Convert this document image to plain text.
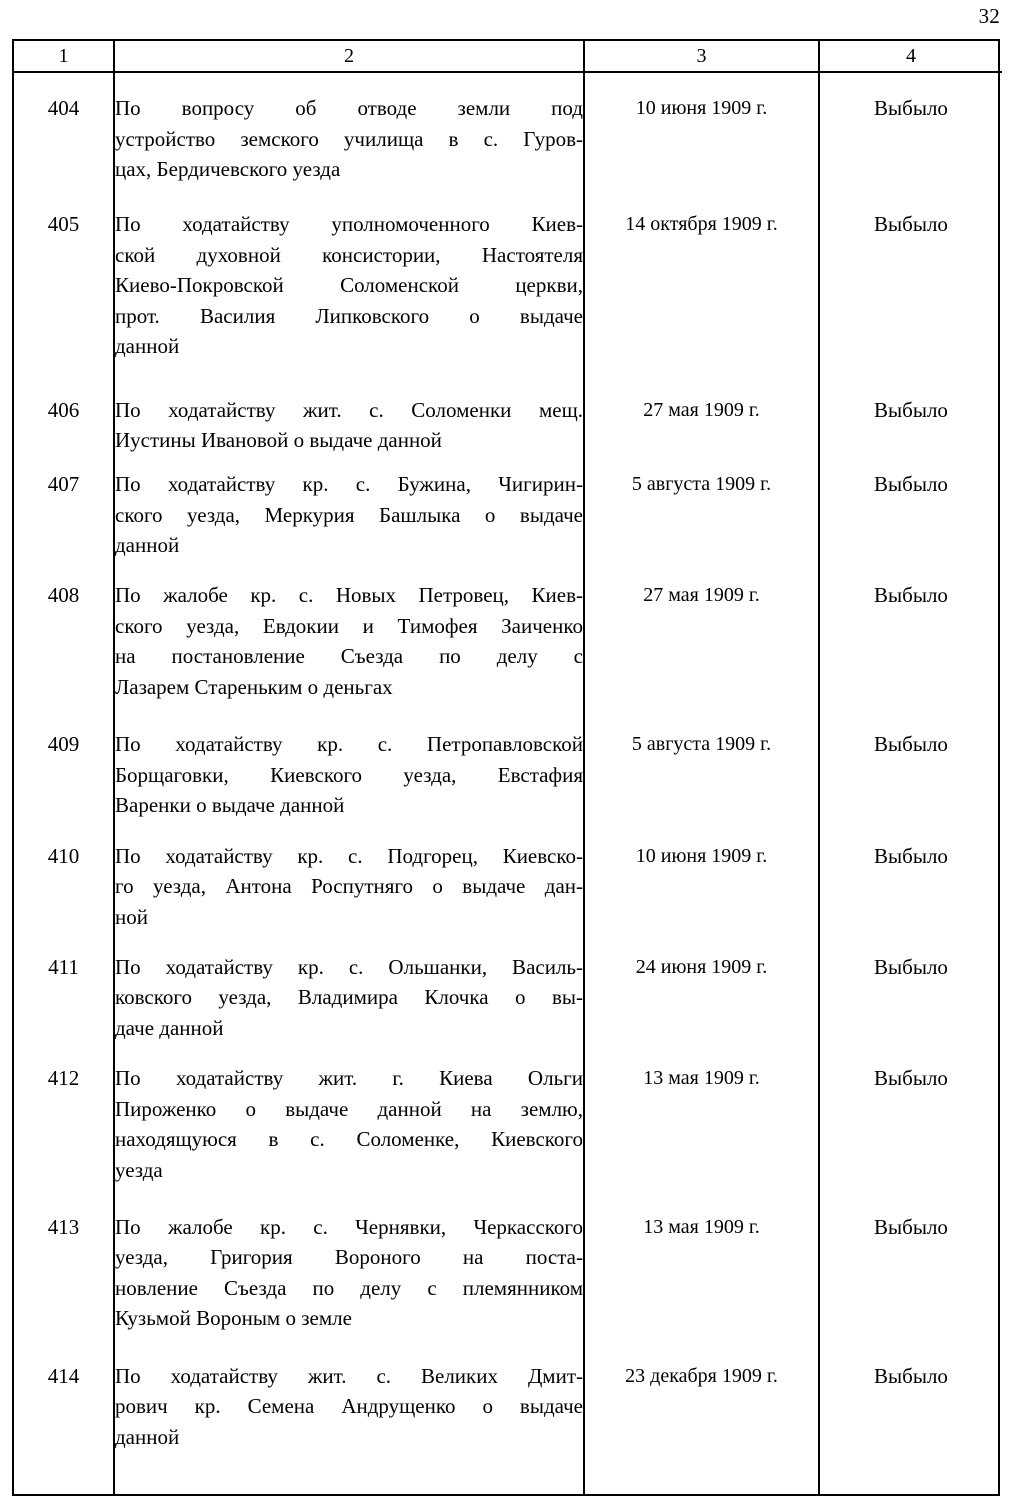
32
1	2	3	4
404	По вопросу об отводе земли под
устройство земского училища в с. Гуров-
цах, Бердичевского уезда	10 июня 1909 г.	Выбыло
405	По ходатайству уполномоченного Киев-
ской духовной консистории, Настоятеля
Киево-Покровской Соломенской церкви,
прот. Василия Липковского о выдаче
данной	14 октября 1909 г.	Выбыло
406	По ходатайству жит. с. Соломенки мещ.
Иустины Ивановой о выдаче данной	27 мая 1909 г.	Выбыло
407	По ходатайству кр. с. Бужина, Чигирин-
ского уезда, Меркурия Башлыка о выдаче
данной	5 августа 1909 г.	Выбыло
408	По жалобе кр. с. Новых Петровец, Киев-
ского уезда, Евдокии и Тимофея Заиченко
на постановление Съезда по делу с
Лазарем Стареньким о деньгах	27 мая 1909 г.	Выбыло
409	По ходатайству кр. с. Петропавловской
Борщаговки, Киевского уезда, Евстафия
Варенки о выдаче данной	5 августа 1909 г.	Выбыло
410	По ходатайству кр. с. Подгорец, Киевско-
го уезда, Антона Роспутняго о выдаче дан-
ной	10 июня 1909 г.	Выбыло
411	По ходатайству кр. с. Ольшанки, Василь-
ковского уезда, Владимира Клочка о вы-
даче данной	24 июня 1909 г.	Выбыло
412	По ходатайству жит. г. Киева Ольги
Пироженко о выдаче данной на землю,
находящуюся в с. Соломенке, Киевского
уезда	13 мая 1909 г.	Выбыло
413	По жалобе кр. с. Чернявки, Черкасского
уезда, Григория Вороного на поста-
новление Съезда по делу с племянником
Кузьмой Вороным о земле	13 мая 1909 г.	Выбыло
414	По ходатайству жит. с. Великих Дмит-
рович кр. Семена Андрущенко о выдаче
данной	23 декабря 1909 г.	Выбыло
